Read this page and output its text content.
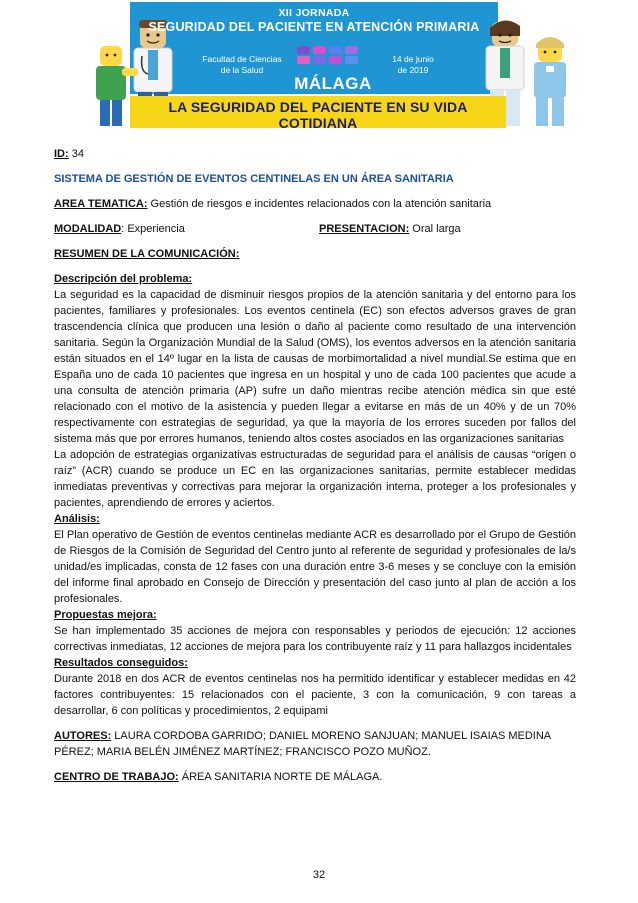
XII JORNADA
SEGURIDAD DEL PACIENTE EN ATENCIÓN PRIMARIA
Facultad de Ciencias
de la Salud
14 de junio
de 2019
MÁLAGA
LA SEGURIDAD DEL PACIENTE EN SU VIDA COTIDIANA

ID: 34

SISTEMA DE GESTIÓN DE EVENTOS CENTINELAS EN UN ÁREA SANITARIA

AREA TEMATICA: Gestión de riesgos e incidentes relacionados con la atención sanitaria

MODALIDAD: Experiencia	PRESENTACION: Oral larga

RESUMEN DE LA COMUNICACIÓN:

Descripción del problema:

La seguridad es la capacidad de disminuir riesgos propios de la atención sanitaria y del entorno para los pacientes, familiares y profesionales. Los eventos centinela (EC) son efectos adversos graves de gran trascendencia clínica que producen una lesión o daño al paciente como resultado de una intervención sanitaria. Según la Organización Mundial de la Salud (OMS), los eventos adversos en la atención sanitaria están situados en el 14º lugar en la lista de causas de morbimortalidad a nivel mundial.Se estima que en España uno de cada 10 pacientes que ingresa en un hospital y uno de cada 100 pacientes que acude a una consulta de atención primaria (AP) sufre un daño mientras recibe atención médica sin que esté relacionado con el motivo de la asistencia y pueden llegar a evitarse en más de un 40% y de un 70% respectivamente con estrategias de seguridad, ya que la mayoría de los errores suceden por fallos del sistema más que por errores humanos, teniendo altos costes asociados en las organizaciones sanitarias

La adopción de estrategias organizativas estructuradas de seguridad para el análisis de causas “origen o raíz” (ACR) cuando se produce un EC en las organizaciones sanitarias, permite establecer medidas inmediatas preventivas y correctivas para mejorar la organización interna, proteger a los profesionales y pacientes, aprendiendo de errores y aciertos.

Análisis:

El Plan operativo de Gestión de eventos centinelas mediante ACR es desarrollado por el Grupo de Gestión de Riesgos de la Comisión de Seguridad del Centro junto al referente de seguridad y profesionales de la/s unidad/es implicadas, consta de 12 fases con una duración entre 3-6 meses y se concluye con la emisión del informe final aprobado en Consejo de Dirección y presentación del caso junto al plan de acción a los profesionales.

Propuestas mejora:

Se han implementado 35 acciones de mejora con responsables y periodos de ejecución: 12 acciones correctivas inmediatas, 12 acciones de mejora para los contribuyente raíz y 11 para hallazgos incidentales

Resultados conseguidos:

Durante 2018 en dos ACR de eventos centinelas nos ha permitido identificar y establecer medidas en 42 factores contribuyentes: 15 relacionados con el paciente, 3 con la comunicación, 9 con tareas a desarrollar, 6 con políticas y procedimientos, 2 equipami

AUTORES: LAURA CORDOBA GARRIDO; DANIEL MORENO SANJUAN; MANUEL ISAIAS MEDINA PÉREZ; MARIA BELÉN JIMÉNEZ MARTÍNEZ; FRANCISCO POZO MUÑOZ.

CENTRO DE TRABAJO: ÁREA SANITARIA NORTE DE MÁLAGA.

32
